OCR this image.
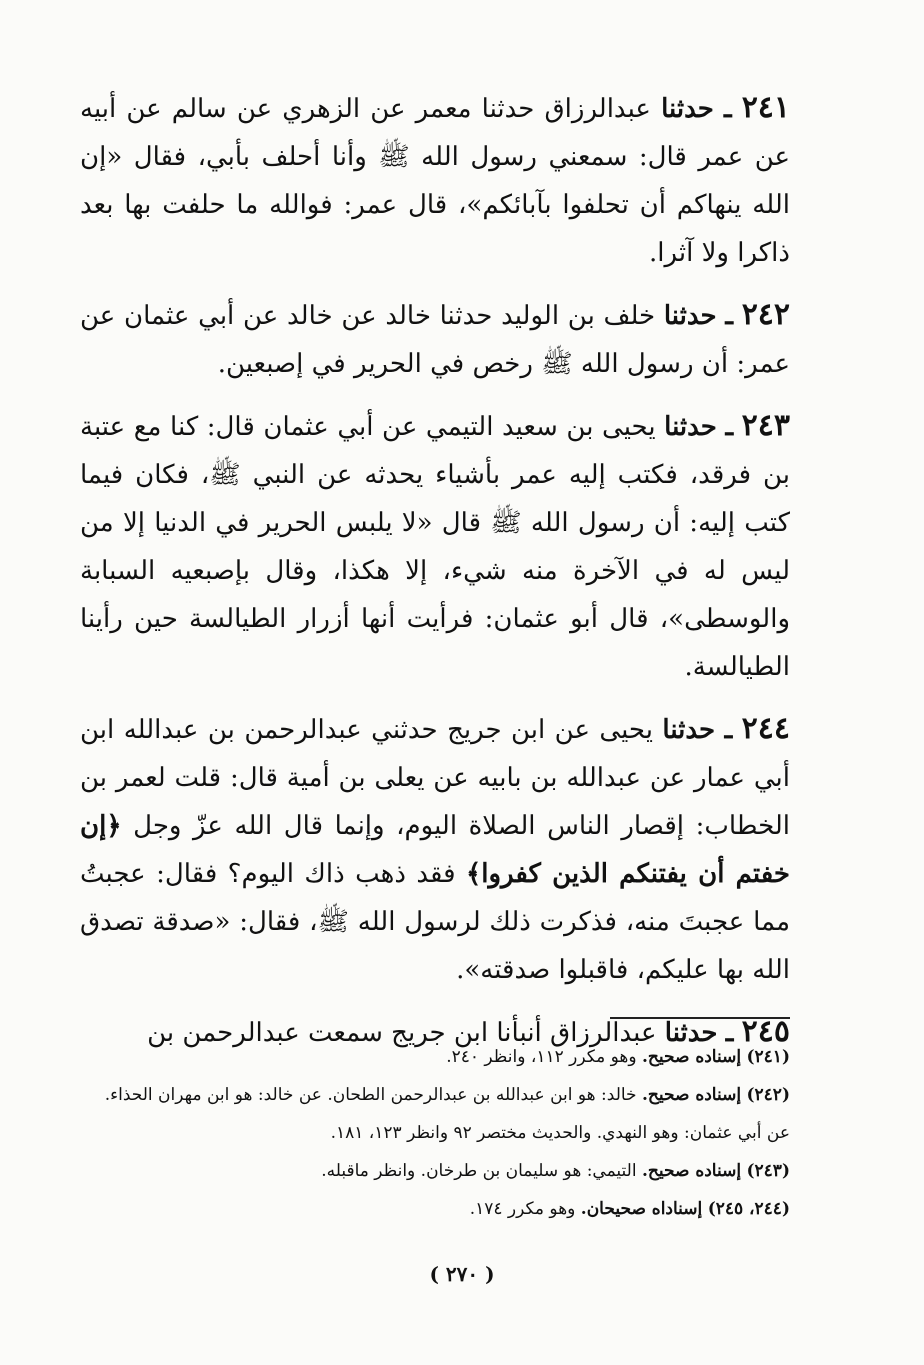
٢٤١ ـ حدثنا عبدالرزاق حدثنا معمر عن الزهري عن سالم عن أبيه عن عمر قال: سمعني رسول الله ﷺ وأنا أحلف بأبي، فقال «إن الله ينهاكم أن تحلفوا بآبائكم»، قال عمر: فوالله ما حلفت بها بعد ذاكرا ولا آثرا.

٢٤٢ ـ حدثنا خلف بن الوليد حدثنا خالد عن خالد عن أبي عثمان عن عمر: أن رسول الله ﷺ رخص في الحرير في إصبعين.

٢٤٣ ـ حدثنا يحيى بن سعيد التيمي عن أبي عثمان قال: كنا مع عتبة بن فرقد، فكتب إليه عمر بأشياء يحدثه عن النبي ﷺ، فكان فيما كتب إليه: أن رسول الله ﷺ قال «لا يلبس الحرير في الدنيا إلا من ليس له في الآخرة منه شيء، إلا هكذا، وقال بإصبعيه السبابة والوسطى»، قال أبو عثمان: فرأيت أنها أزرار الطيالسة حين رأينا الطيالسة.

٢٤٤ ـ حدثنا يحيى عن ابن جريج حدثني عبدالرحمن بن عبدالله ابن أبي عمار عن عبدالله بن بابيه عن يعلى بن أمية قال: قلت لعمر بن الخطاب: إقصار الناس الصلاة اليوم، وإنما قال الله عزّ وجل ﴿إن خفتم أن يفتنكم الذين كفروا﴾ فقد ذهب ذاك اليوم؟ فقال: عجبتُ مما عجبتَ منه، فذكرت ذلك لرسول الله ﷺ، فقال: «صدقة تصدق الله بها عليكم، فاقبلوا صدقته».

٢٤٥ ـ حدثنا عبدالرزاق أنبأنا ابن جريج سمعت عبدالرحمن بن

(٢٤١) إسناده صحيح. وهو مكرر ١١٢، وانظر ٢٤٠.

(٢٤٢) إسناده صحيح. خالد: هو ابن عبدالله بن عبدالرحمن الطحان. عن خالد: هو ابن مهران الحذاء. عن أبي عثمان: وهو النهدي. والحديث مختصر ٩٢ وانظر ١٢٣، ١٨١.

(٢٤٣) إسناده صحيح. التيمي: هو سليمان بن طرخان. وانظر ماقبله.

(٢٤٤، ٢٤٥) إسناداه صحيحان. وهو مكرر ١٧٤.

( ٢٧٠ )
